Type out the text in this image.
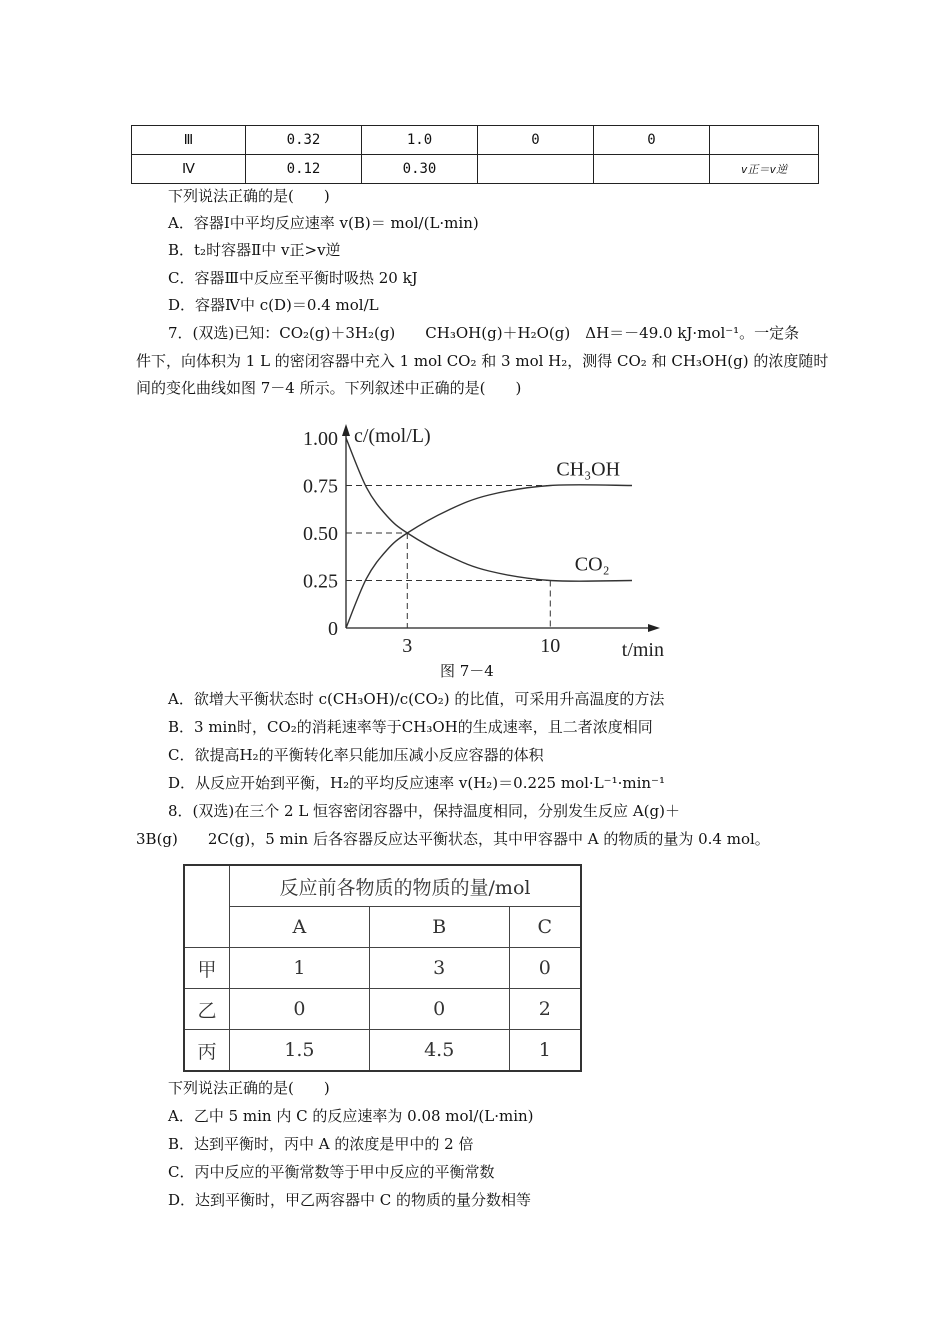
Ⅲ	0.32	1.0	0	0	
Ⅳ	0.12	0.30			v正＝v逆
下列说法正确的是(　　)
A．容器Ⅰ中平均反应速率 v(B)＝ mol/(L·min)
B．t₂时容器Ⅱ中 v正>v逆
C．容器Ⅲ中反应至平衡时吸热 20 kJ
D．容器Ⅳ中 c(D)＝0.4 mol/L
7．(双选)已知：CO₂(g)＋3H₂(g)　　CH₃OH(g)＋H₂O(g)　ΔH＝－49.0 kJ·mol⁻¹。一定条
件下，向体积为 1 L 的密闭容器中充入 1 mol CO₂ 和 3 mol H₂，测得 CO₂ 和 CH₃OH(g) 的浓度随时
间的变化曲线如图 7－4 所示。下列叙述中正确的是(　　)
1.00
0.75
0.50
0.25
0
3	10
c/(mol/L)
t/min
CH₃OH
CO₂
图 7－4
A．欲增大平衡状态时 c(CH₃OH)/c(CO₂) 的比值，可采用升高温度的方法
B．3 min时，CO₂的消耗速率等于CH₃OH的生成速率，且二者浓度相同
C．欲提高H₂的平衡转化率只能加压减小反应容器的体积
D．从反应开始到平衡，H₂的平均反应速率 v(H₂)＝0.225 mol·L⁻¹·min⁻¹
8．(双选)在三个 2 L 恒容密闭容器中，保持温度相同，分别发生反应 A(g)＋
3B(g)　　2C(g)，5 min 后各容器反应达平衡状态，其中甲容器中 A 的物质的量为 0.4 mol。
	反应前各物质的物质的量/mol		
	A	B	C
甲	1	3	0
乙	0	0	2
丙	1.5	4.5	1
下列说法正确的是(　　)
A．乙中 5 min 内 C 的反应速率为 0.08 mol/(L·min)
B．达到平衡时，丙中 A 的浓度是甲中的 2 倍
C．丙中反应的平衡常数等于甲中反应的平衡常数
D．达到平衡时，甲乙两容器中 C 的物质的量分数相等
